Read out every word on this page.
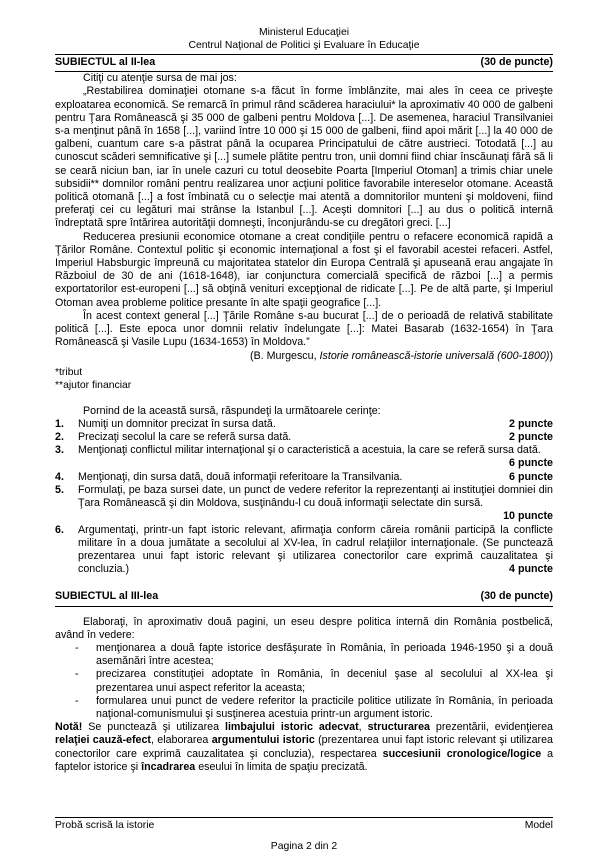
Ministerul Educaţiei
Centrul Naţional de Politici şi Evaluare în Educaţie
SUBIECTUL al II-lea	(30 de puncte)

Citiţi cu atenţie sursa de mai jos:

„Restabilirea dominaţiei otomane s-a făcut în forme îmblânzite, mai ales în ceea ce priveşte exploatarea economică. Se remarcă în primul rând scăderea haraciului* la aproximativ 40 000 de galbeni pentru Ţara Românească şi 35 000 de galbeni pentru Moldova [...]. De asemenea, haraciul Transilvaniei s-a menţinut până în 1658 [...], variind între 10 000 şi 15 000 de galbeni, fiind apoi mărit [...] la 40 000 de galbeni, cuantum care s-a păstrat până la ocuparea Principatului de către austrieci. Totodată [...] au cunoscut scăderi semnificative şi [...] sumele plătite pentru tron, unii domni fiind chiar înscăunaţi fără să li se ceară niciun ban, iar în unele cazuri cu totul deosebite Poarta [Imperiul Otoman] a trimis chiar unele subsidii** domnilor români pentru realizarea unor acţiuni politice favorabile intereselor otomane. Această politică otomană [...] a fost îmbinată cu o selecţie mai atentă a domnitorilor munteni şi moldoveni, fiind preferaţi cei cu legături mai strânse la Istanbul [...]. Aceşti domnitori [...] au dus o politică internă îndreptată spre întărirea autorităţii domneşti, înconjurându-se cu dregători greci. [...]

Reducerea presiunii economice otomane a creat condiţiile pentru o refacere economică rapidă a Ţărilor Române. Contextul politic şi economic internaţional a fost şi el favorabil acestei refaceri. Astfel, Imperiul Habsburgic împreună cu majoritatea statelor din Europa Centrală şi apuseană erau angajate în Războiul de 30 de ani (1618-1648), iar conjunctura comercială specifică de război [...] a permis exportatorilor est-europeni [...] să obţină venituri excepţional de ridicate [...]. Pe de altă parte, şi Imperiul Otoman avea probleme politice presante în alte spaţii geografice [...].

În acest context general [...] Ţările Române s-au bucurat [...] de o perioadă de relativă stabilitate politică [...]. Este epoca unor domnii relativ îndelungate [...]: Matei Basarab (1632-1654) în Ţara Românească şi Vasile Lupu (1634-1653) în Moldova.”

(B. Murgescu, Istorie românească-istorie universală (600-1800))

*tribut

**ajutor financiar

Pornind de la această sursă, răspundeţi la următoarele cerinţe:

1.	Numiţi un domnitor precizat în sursa dată.	2 puncte
2.	Precizaţi secolul la care se referă sursa dată.	2 puncte
3.	Menţionaţi conflictul militar internaţional şi o caracteristică a acestuia, la care se referă sursa dată.
6 puncte
4.	Menţionaţi, din sursa dată, două informaţii referitoare la Transilvania.	6 puncte
5.	Formulaţi, pe baza sursei date, un punct de vedere referitor la reprezentanţi ai instituţiei domniei din Ţara Românească şi din Moldova, susţinându-l cu două informaţii selectate din sursă.
10 puncte
6.	Argumentaţi, printr-un fapt istoric relevant, afirmaţia conform căreia românii participă la conflicte militare în a doua jumătate a secolului al XV-lea, în cadrul relaţiilor internaţionale. (Se punctează prezentarea unui fapt istoric relevant şi utilizarea conectorilor care exprimă cauzalitatea şi concluzia.)	4 puncte
SUBIECTUL al III-lea	(30 de puncte)

Elaboraţi, în aproximativ două pagini, un eseu despre politica internă din România postbelică, având în vedere:

-	menţionarea a două fapte istorice desfăşurate în România, în perioada 1946-1950 şi a două asemănări între acestea;
-	precizarea constituţiei adoptate în România, în deceniul şase al secolului al XX-lea şi prezentarea unui aspect referitor la aceasta;
-	formularea unui punct de vedere referitor la practicile politice utilizate în România, în perioada naţional-comunismului şi susţinerea acestuia printr-un argument istoric.

Notă! Se punctează şi utilizarea limbajului istoric adecvat, structurarea prezentării, evidenţierea relaţiei cauză-efect, elaborarea argumentului istoric (prezentarea unui fapt istoric relevant şi utilizarea conectorilor care exprimă cauzalitatea şi concluzia), respectarea succesiunii cronologice/logice a faptelor istorice şi încadrarea eseului în limita de spaţiu precizată.

Probă scrisă la istorie	Model
Pagina 2 din 2
